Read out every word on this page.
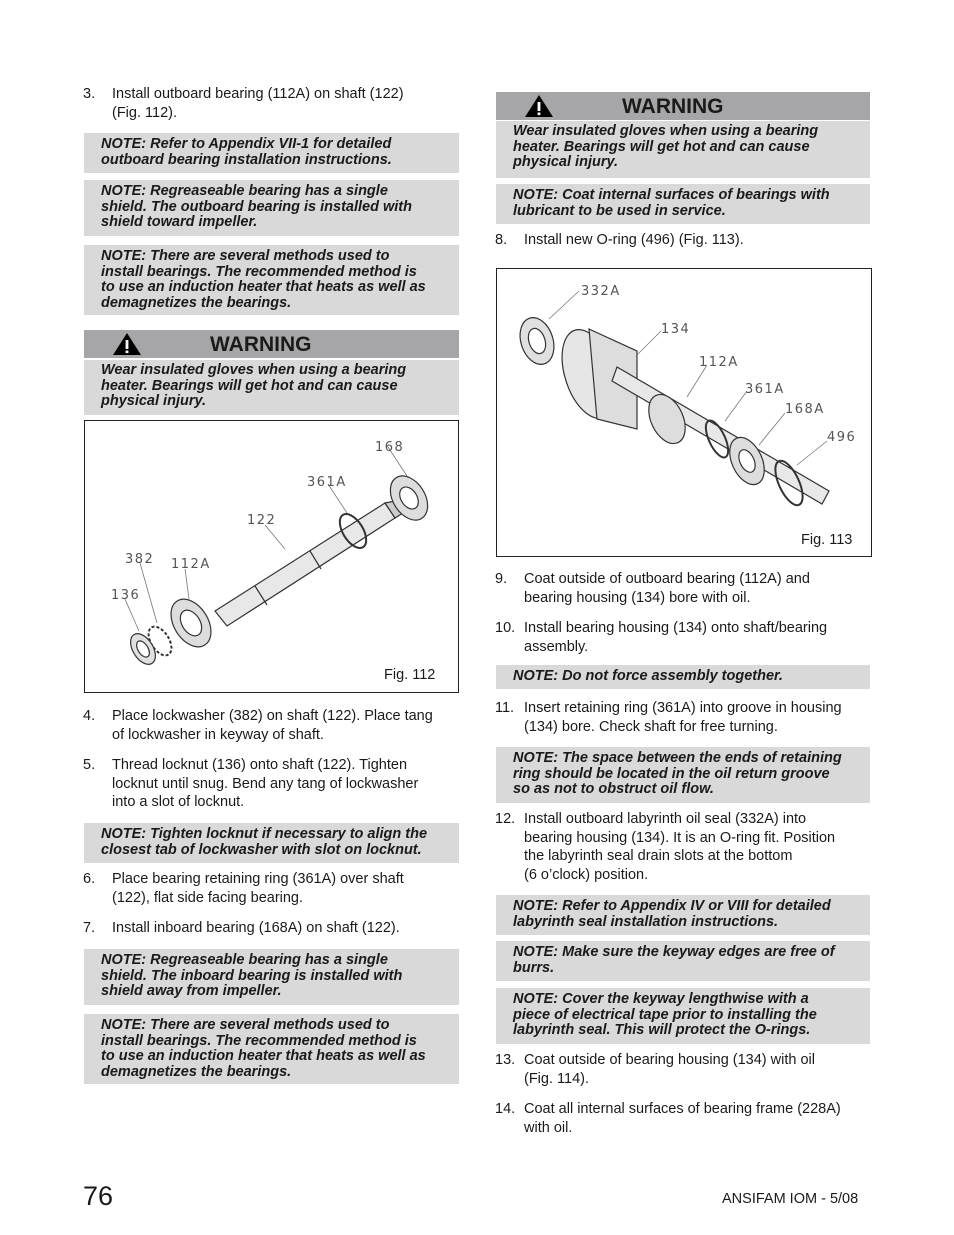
3. Install outboard bearing (112A) on shaft (122)
(Fig. 112).
NOTE: Refer to Appendix VII-1 for detailed
outboard bearing installation instructions.
NOTE: Regreaseable bearing has a single
shield. The outboard bearing is installed with
shield toward impeller.
NOTE: There are several methods used to
install bearings. The recommended method is
to use an induction heater that heats as well as
demagnetizes the bearings.
WARNING
Wear insulated gloves when using a bearing
heater. Bearings will get hot and can cause
physical injury.
168
361A
122
382 112A
136
Fig. 112
4. Place lockwasher (382) on shaft (122). Place tang
of lockwasher in keyway of shaft.
5. Thread locknut (136) onto shaft (122). Tighten
locknut until snug. Bend any tang of lockwasher
into a slot of locknut.
NOTE: Tighten locknut if necessary to align the
closest tab of lockwasher with slot on locknut.
6. Place bearing retaining ring (361A) over shaft
(122), flat side facing bearing.
7. Install inboard bearing (168A) on shaft (122).
NOTE: Regreaseable bearing has a single
shield. The inboard bearing is installed with
shield away from impeller.
NOTE: There are several methods used to
install bearings. The recommended method is
to use an induction heater that heats as well as
demagnetizes the bearings.
WARNING
Wear insulated gloves when using a bearing
heater. Bearings will get hot and can cause
physical injury.
NOTE: Coat internal surfaces of bearings with
lubricant to be used in service.
8. Install new O-ring (496) (Fig. 113).
332A
134
112A
361A
168A
496
Fig. 113
9. Coat outside of outboard bearing (112A) and
bearing housing (134) bore with oil.
10. Install bearing housing (134) onto shaft/bearing
assembly.
NOTE: Do not force assembly together.
11. Insert retaining ring (361A) into groove in housing
(134) bore. Check shaft for free turning.
NOTE: The space between the ends of retaining
ring should be located in the oil return groove
so as not to obstruct oil flow.
12. Install outboard labyrinth oil seal (332A) into
bearing housing (134). It is an O-ring fit. Position
the labyrinth seal drain slots at the bottom
(6 o’clock) position.
NOTE: Refer to Appendix IV or VIII for detailed
labyrinth seal installation instructions.
NOTE: Make sure the keyway edges are free of
burrs.
NOTE: Cover the keyway lengthwise with a
piece of electrical tape prior to installing the
labyrinth seal. This will protect the O-rings.
13. Coat outside of bearing housing (134) with oil
(Fig. 114).
14. Coat all internal surfaces of bearing frame (228A)
with oil.
76	ANSIFAM IOM - 5/08
